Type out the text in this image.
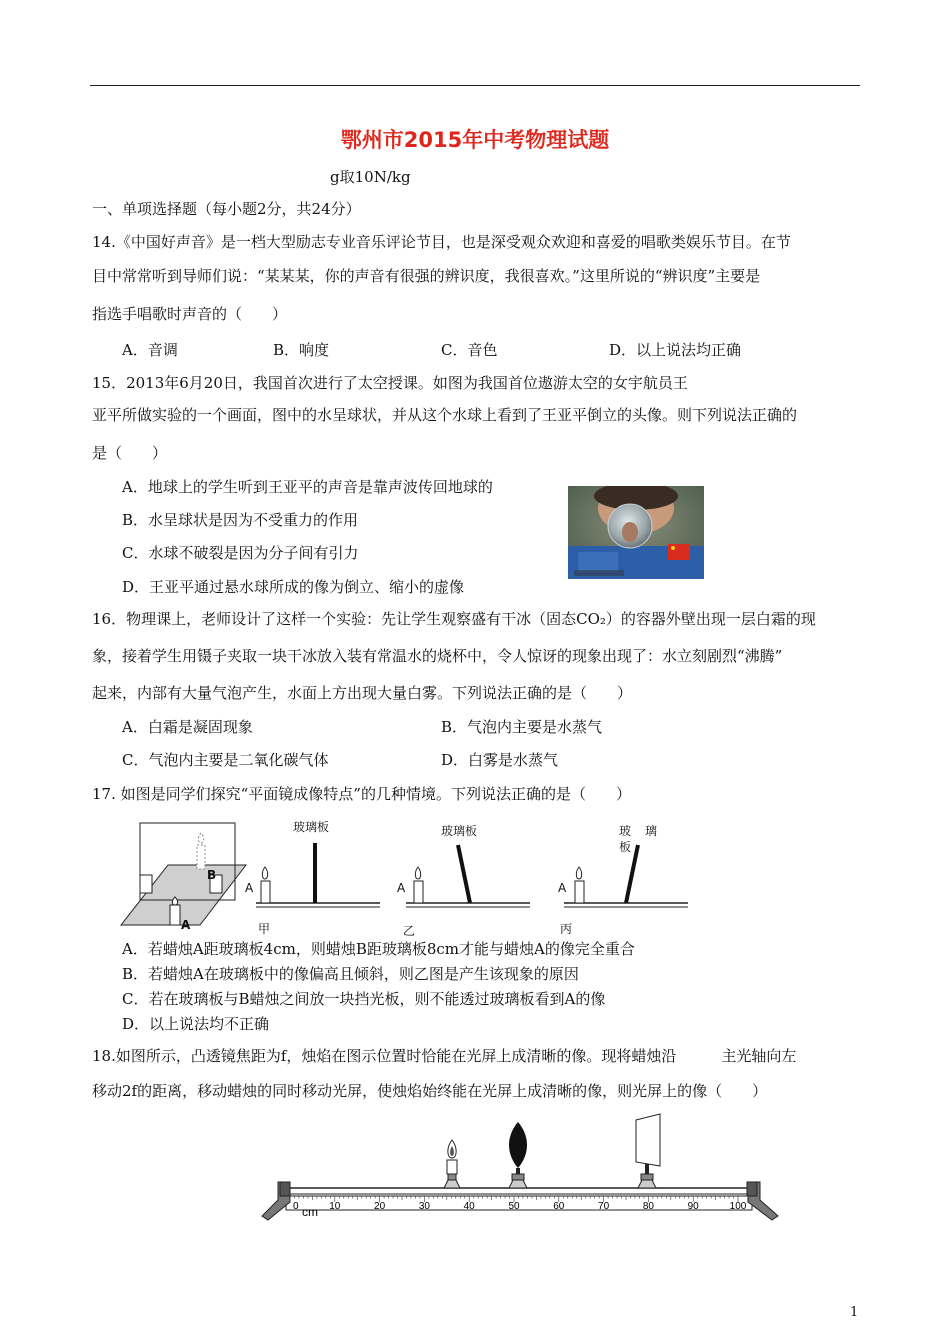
鄂州市2015年中考物理试题
g取10N/kg
一、单项选择题（每小题2分，共24分）
14.《中国好声音》是一档大型励志专业音乐评论节目，也是深受观众欢迎和喜爱的唱歌类娱乐节目。在节
目中常常听到导师们说：“某某某，你的声音有很强的辨识度，我很喜欢。”这里所说的“辨识度”主要是
指选手唱歌时声音的（　　）
A．音调	B．响度	C．音色	D．以上说法均正确
15．2013年6月20日，我国首次进行了太空授课。如图为我国首位遨游太空的女宇航员王
亚平所做实验的一个画面，图中的水呈球状，并从这个水球上看到了王亚平倒立的头像。则下列说法正确的
是（　　）
A．地球上的学生听到王亚平的声音是靠声波传回地球的
B．水呈球状是因为不受重力的作用
C．水球不破裂是因为分子间有引力
D．王亚平通过悬水球所成的像为倒立、缩小的虚像
16．物理课上，老师设计了这样一个实验：先让学生观察盛有干冰（固态CO₂）的容器外壁出现一层白霜的现
象，接着学生用镊子夹取一块干冰放入装有常温水的烧杯中，令人惊讶的现象出现了：水立刻剧烈“沸腾”
起来，内部有大量气泡产生，水面上方出现大量白雾。下列说法正确的是（　　）
A．白霜是凝固现象	B．气泡内主要是水蒸气
C．气泡内主要是二氧化碳气体	D．白雾是水蒸气
17. 如图是同学们探究“平面镜成像特点”的几种情境。下列说法正确的是（　　）
玻璃板	玻璃板	玻 璃
板
B
A
A	A	A
甲	乙	丙
A．若蜡烛A距玻璃板4cm，则蜡烛B距玻璃板8cm才能与蜡烛A的像完全重合
B．若蜡烛A在玻璃板中的像偏高且倾斜，则乙图是产生该现象的原因
C．若在玻璃板与B蜡烛之间放一块挡光板，则不能透过玻璃板看到A的像
D．以上说法均不正确
18.如图所示，凸透镜焦距为f，烛焰在图示位置时恰能在光屏上成清晰的像。现将蜡烛沿　　　主光轴向左
移动2f的距离，移动蜡烛的同时移动光屏，使烛焰始终能在光屏上成清晰的像，则光屏上的像（　　）
0	10	20	30	40	50	60	70	80	90	100
cm
1
